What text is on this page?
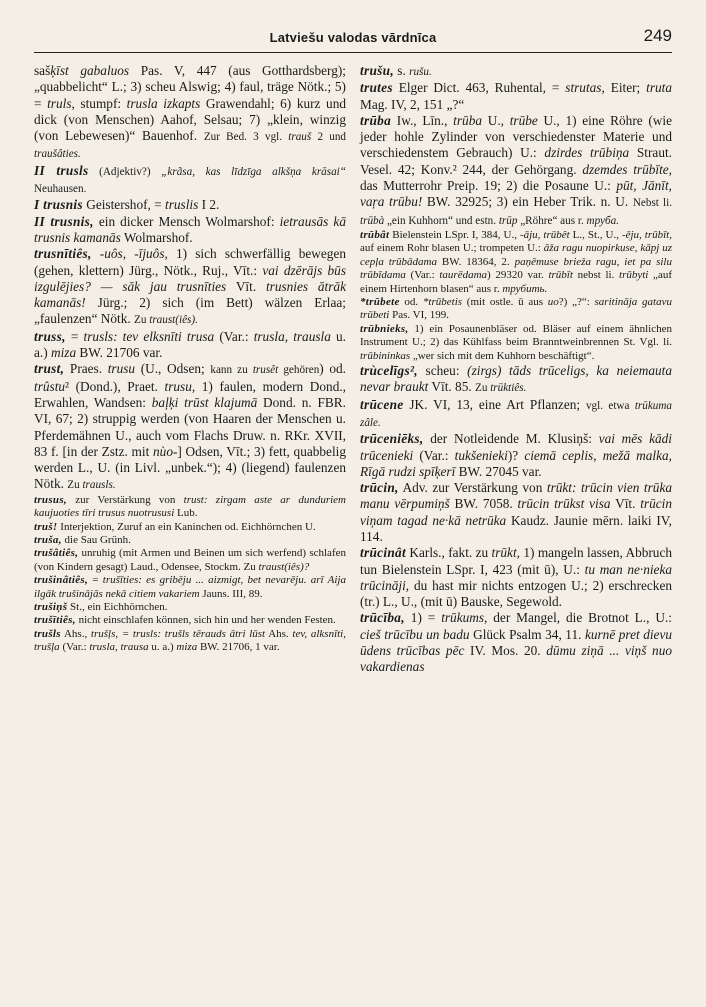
Latviešu valodas vārdnīca	249

sašķīst gabaluos Pas. V, 447 (aus Gotthardsberg); „quabbelicht“ L.; 3) scheu Alswig; 4) faul, träge Nötk.; 5) = truls, stumpf: trusla izkapts Grawendahl; 6) kurz und dick (von Menschen) Aahof, Selsau; 7) „klein, winzig (von Lebewesen)“ Bauenhof. Zur Bed. 3 vgl. trauš 2 und traušâties.

II trusls (Adjektiv?) „krãsa, kas līdzīga alkšņa krāsai“ Neuhausen.

I trusnis Geistershof, = truslis I 2.

II trusnis, ein dicker Mensch Wolmarshof: ietrausās kā trusnis kamanās Wolmarshof.

trusnītiês, -uôs, -ījuôs, 1) sich schwerfällig bewegen (gehen, klettern) Jürg., Nötk., Ruj., Vīt.: vai dzērājs būs izgulējies? — sāk jau trusnīties Vīt. trusnies ātrāk kamanās! Jürg.; 2) sich (im Bett) wälzen Erlaa; „faulenzen“ Nötk. Zu traust(iês).

truss, = trusls: tev elksnīti trusa (Var.: trusla, trausla u. a.) miza BW. 21706 var.

trust, Praes. trusu (U., Odsen; kann zu trusêt gehören) od. trûstu² (Dond.), Praet. trusu, 1) faulen, modern Dond., Erwahlen, Wandsen: baļķi trūst klajumā Dond. n. FBR. VI, 67; 2) struppig werden (von Haaren der Menschen u. Pferdemähnen U., auch vom Flachs Druw. n. RKr. XVII, 83 f. [in der Zstz. mit nùo-] Odsen, Vīt.; 3) fett, quabbelig werden L., U. (in Livl. „unbek.“); 4) (liegend) faulenzen Nötk. Zu trausls.

trusus, zur Verstärkung von trust: zirgam aste ar dunduriem kaujuoties tīri trusus nuotrususi Lub.

truš! Interjektion, Zuruf an ein Kaninchen od. Eichhörnchen U.

truša, die Sau Grünh.

trušâtiês, unruhig (mit Armen und Beinen um sich werfend) schlafen (von Kindern gesagt) Laud., Odensee, Stockm. Zu traust(iês)?

trušinâtiês, = trušīties: es gribēju ... aizmigt, bet nevarēju. arī Aija ilgāk trušinājās nekā citiem vakariem Jauns. III, 89.

trušiņš St., ein Eichhörnchen.

trušītiês, nicht einschlafen können, sich hin und her wenden Festen.

trušls Ahs., trušļs, = trusls: trušls tērauds ātri lūst Ahs. tev, alksnīti, trušļa (Var.: trusla, trausa u. a.) miza BW. 21706, 1 var.

trušu, s. rušu.

trutes Elger Dict. 463, Ruhental, = strutas, Eiter; truta Mag. IV, 2, 151 „?“

trūba Iw., Līn., trūba U., trūbe U., 1) eine Röhre (wie jeder hohle Zylinder von verschiedenster Materie und verschiedenstem Gebrauch) U.: dzirdes trūbiņa Straut. Vesel. 42; Konv.² 244, der Gehörgang. dzemdes trūbīte, das Mutterrohr Preip. 19; 2) die Posaune U.: pūt, Jānīt, vaŗa trūbu! BW. 32925; 3) ein Heber Trik. n. U. Nebst li. trūbà „ein Kuhhorn“ und estn. trūp „Röhre“ aus r. труба.

trūbât Bielenstein LSpr. I, 384, U., -āju, trūbêt L., St., U., -ēju, trūbīt, auf einem Rohr blasen U.; trompeten U.: āža ragu nuopirkuse, kāpj uz cepļa trūbādama BW. 18364, 2. paņēmuse brieža ragu, iet pa silu trūbīdama (Var.: taurēdama) 29320 var. trūbīt nebst li. trūbyti „auf einem Hirtenhorn blasen“ aus r. трубить.

*trūbete od. *trūbetis (mit ostle. ū aus uo?) „?“: saritināja gatavu trūbeti Pas. VI, 199.

trūbnieks, 1) ein Posaunenbläser od. Bläser auf einem ähnlichen Instrument U.; 2) das Kühlfass beim Branntweinbrennen St. Vgl. li. trūbininkas „wer sich mit dem Kuhhorn beschäftigt“.

trùcelīgs², scheu: (zirgs) tāds trūceligs, ka neiemauta nevar braukt Vīt. 85. Zu trūktiês.

trūcene JK. VI, 13, eine Art Pflanzen; vgl. etwa trūkuma zâle.

trūceniēks, der Notleidende M. Klusiņš: vai mēs kādi trūcenieki (Var.: tukšenieki)? ciemā ceplis, mežā malka, Rīgā rudzi spīķerī BW. 27045 var.

trūcin, Adv. zur Verstärkung von trūkt: trūcin vien trūka manu vērpumiņš BW. 7058. trūcin trūkst visa Vīt. trūcin viņam tagad ne·kā netrūka Kaudz. Jaunie mērn. laiki IV, 114.

trūcinât Karls., fakt. zu trūkt, 1) mangeln lassen, Abbruch tun Bielenstein LSpr. I, 423 (mit ū), U.: tu man ne·nieka trūcināji, du hast mir nichts entzogen U.; 2) erschrecken (tr.) L., U., (mit ū) Bauske, Segewold.

trūcība, 1) = trūkums, der Mangel, die Brotnot L., U.: cieš trūcību un badu Glück Psalm 34, 11. kurnē pret dievu ūdens trūcības pēc IV. Mos. 20. dūmu ziņā ... viņš nuo vakardienas
